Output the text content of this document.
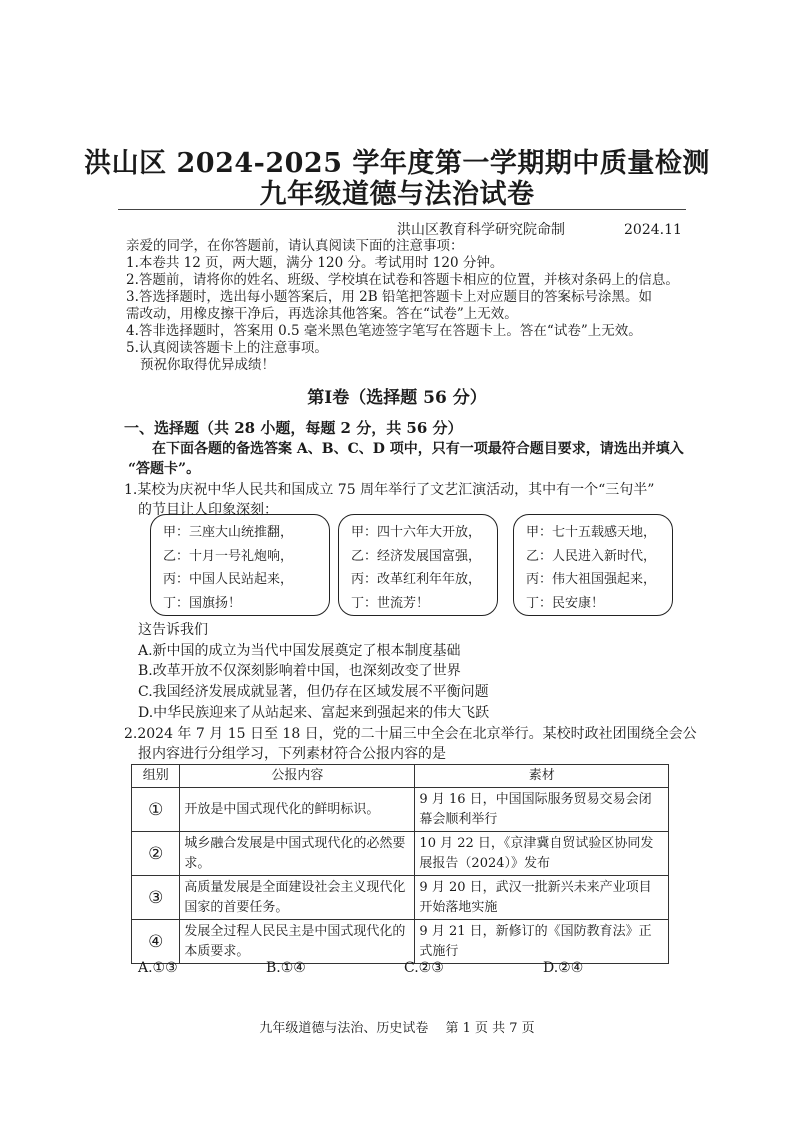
洪山区 2024-2025 学年度第一学期期中质量检测
九年级道德与法治试卷
洪山区教育科学研究院命制	2024.11
亲爱的同学，在你答题前，请认真阅读下面的注意事项：
1.本卷共 12 页，两大题，满分 120 分。考试用时 120 分钟。
2.答题前，请将你的姓名、班级、学校填在试卷和答题卡相应的位置，并核对条码上的信息。
3.答选择题时，选出每小题答案后，用 2B 铅笔把答题卡上对应题目的答案标号涂黑。如
需改动，用橡皮擦干净后，再选涂其他答案。答在“试卷”上无效。
4.答非选择题时，答案用 0.5 毫米黑色笔迹签字笔写在答题卡上。答在“试卷”上无效。
5.认真阅读答题卡上的注意事项。
预祝你取得优异成绩！
第Ⅰ卷（选择题 56 分）
一、选择题（共 28 小题，每题 2 分，共 56 分）
在下面各题的备选答案 A、B、C、D 项中，只有一项最符合题目要求，请选出并填入
“答题卡”。
1.某校为庆祝中华人民共和国成立 75 周年举行了文艺汇演活动，其中有一个“三句半”
的节目让人印象深刻：
甲：三座大山统推翻，
乙：十月一号礼炮响，
丙：中国人民站起来，
丁：国旗扬！
甲：四十六年大开放，
乙：经济发展国富强，
丙：改革红利年年放，
丁：世流芳！
甲：七十五载感天地，
乙：人民进入新时代，
丙：伟大祖国强起来，
丁：民安康！
这告诉我们
A.新中国的成立为当代中国发展奠定了根本制度基础
B.改革开放不仅深刻影响着中国，也深刻改变了世界
C.我国经济发展成就显著，但仍存在区域发展不平衡问题
D.中华民族迎来了从站起来、富起来到强起来的伟大飞跃
2.2024 年 7 月 15 日至 18 日，党的二十届三中全会在北京举行。某校时政社团围绕全会公
报内容进行分组学习，下列素材符合公报内容的是
组别	公报内容	素材
①	开放是中国式现代化的鲜明标识。	9 月 16 日，中国国际服务贸易交易会闭幕会顺利举行
②	城乡融合发展是中国式现代化的必然要求。	10 月 22 日，《京津冀自贸试验区协同发展报告（2024）》发布
③	高质量发展是全面建设社会主义现代化国家的首要任务。	9 月 20 日，武汉一批新兴未来产业项目开始落地实施
④	发展全过程人民民主是中国式现代化的本质要求。	9 月 21 日，新修订的《国防教育法》正式施行
A.①③	B.①④	C.②③	D.②④
九年级道德与法治、历史试卷　 第 1 页 共 7 页
